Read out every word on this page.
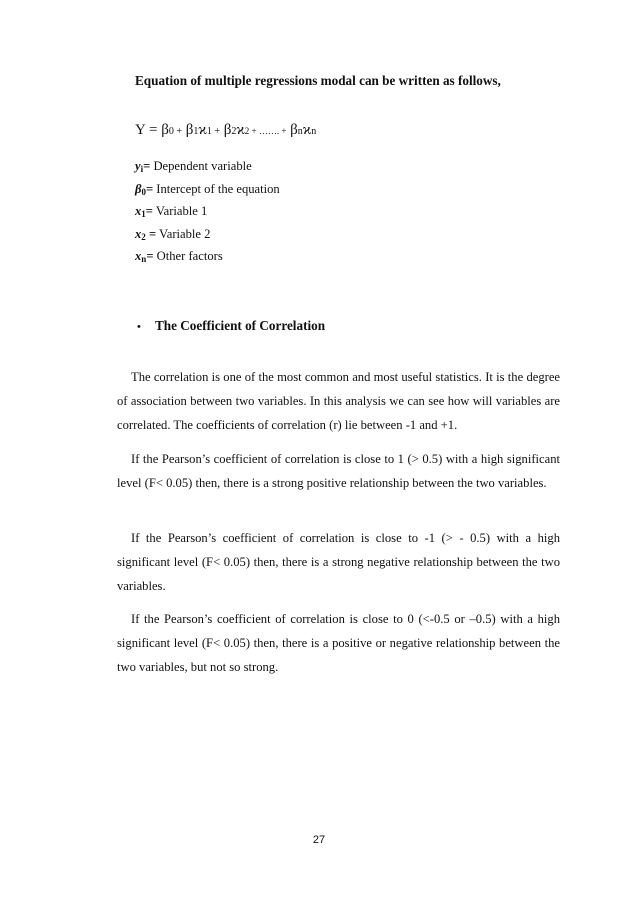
Equation of multiple regressions modal can be written as follows,
Y = β0 + β1ϰ1 + β2ϰ2 + ……. + βnϰn
$y_i=$ Dependent variable
$\beta_0=$ Intercept of the equation
$x_1=$ Variable 1
$x_2$ = Variable 2
$x_n=$ Other factors
• The Coefficient of Correlation

The correlation is one of the most common and most useful statistics. It is the degree of association between two variables. In this analysis we can see how will variables are correlated. The coefficients of correlation (r) lie between -1 and +1.

If the Pearson’s coefficient of correlation is close to 1 (> 0.5) with a high significant level (F< 0.05) then, there is a strong positive relationship between the two variables.

If the Pearson’s coefficient of correlation is close to -1 (> - 0.5) with a high significant level (F< 0.05) then, there is a strong negative relationship between the two variables.

If the Pearson’s coefficient of correlation is close to 0 (<-0.5 or –0.5) with a high significant level (F< 0.05) then, there is a positive or negative relationship between the two variables, but not so strong.

27
